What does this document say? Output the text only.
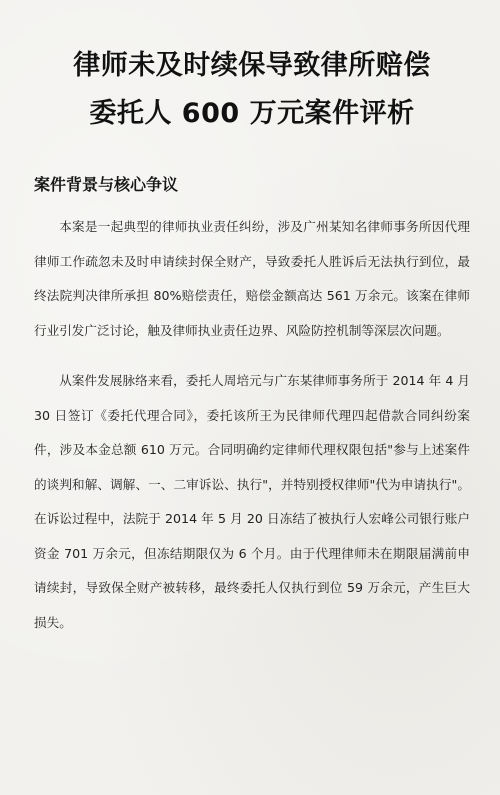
律师未及时续保导致律所赔偿
委托人 600 万元案件评析
案件背景与核心争议

本案是一起典型的律师执业责任纠纷，涉及广州某知名律师事务所因代理律师工作疏忽未及时申请续封保全财产，导致委托人胜诉后无法执行到位，最终法院判决律所承担 80%赔偿责任，赔偿金额高达 561 万余元。该案在律师行业引发广泛讨论，触及律师执业责任边界、风险防控机制等深层次问题。

从案件发展脉络来看，委托人周培元与广东某律师事务所于 2014 年 4 月 30 日签订《委托代理合同》，委托该所王为民律师代理四起借款合同纠纷案件，涉及本金总额 610 万元。合同明确约定律师代理权限包括"参与上述案件的谈判和解、调解、一、二审诉讼、执行"，并特别授权律师"代为申请执行"。在诉讼过程中，法院于 2014 年 5 月 20 日冻结了被执行人宏峰公司银行账户资金 701 万余元，但冻结期限仅为 6 个月。由于代理律师未在期限届满前申请续封，导致保全财产被转移，最终委托人仅执行到位 59 万余元，产生巨大损失。
